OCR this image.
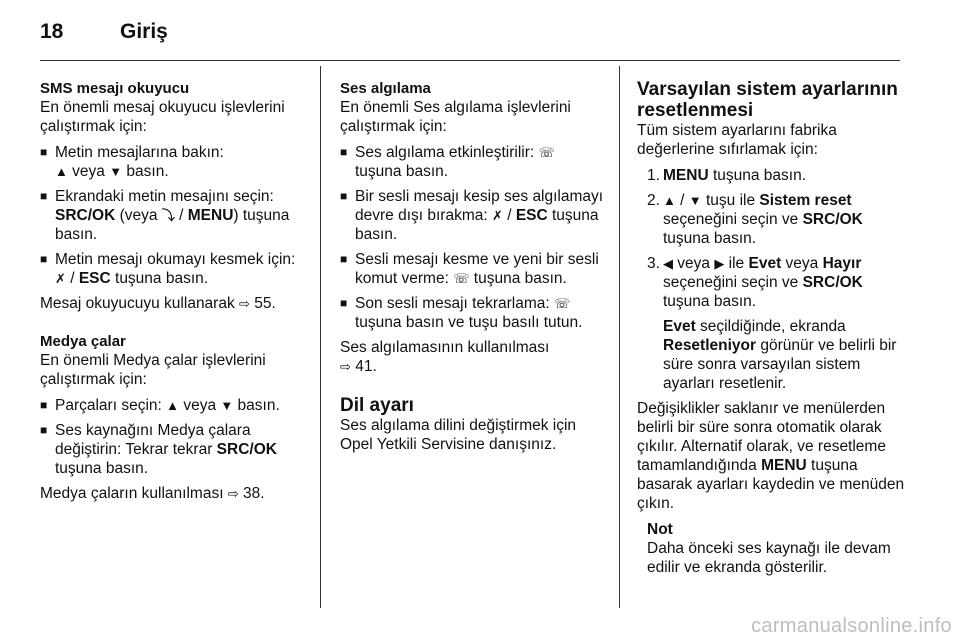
18	Giriş

SMS mesajı okuyucu

En önemli mesaj okuyucu işlevlerini çalıştırmak için:

■ Metin mesajlarına bakın:
▲ veya ▼ basın.
■ Ekrandaki metin mesajını seçin:
SRC/OK (veya ⤵ / MENU) tuşuna basın.
■ Metin mesajı okumayı kesmek için:
✗ / ESC tuşuna basın.

Mesaj okuyucuyu kullanarak ⇨ 55.

Medya çalar

En önemli Medya çalar işlevlerini çalıştırmak için:

■ Parçaları seçin: ▲ veya ▼ basın.
■ Ses kaynağını Medya çalara değiştirin: Tekrar tekrar SRC/OK tuşuna basın.

Medya çaların kullanılması ⇨ 38.

Ses algılama

En önemli Ses algılama işlevlerini çalıştırmak için:

■ Ses algılama etkinleştirilir: ☏
tuşuna basın.
■ Bir sesli mesajı kesip ses algılamayı devre dışı bırakma: ✗ / ESC tuşuna basın.
■ Sesli mesajı kesme ve yeni bir sesli komut verme: ☏ tuşuna basın.
■ Son sesli mesajı tekrarlama: ☏
tuşuna basın ve tuşu basılı tutun.

Ses algılamasının kullanılması
⇨ 41.

Dil ayarı

Ses algılama dilini değiştirmek için Opel Yetkili Servisine danışınız.

Varsayılan sistem ayarlarının resetlenmesi

Tüm sistem ayarlarını fabrika değerlerine sıfırlamak için:

1. MENU tuşuna basın.
2. ▲ / ▼ tuşu ile Sistem reset seçeneğini seçin ve SRC/OK tuşuna basın.
3. ◀ veya ▶ ile Evet veya Hayır seçeneğini seçin ve SRC/OK tuşuna basın.
Evet seçildiğinde, ekranda Resetleniyor görünür ve belirli bir süre sonra varsayılan sistem ayarları resetlenir.

Değişiklikler saklanır ve menülerden belirli bir süre sonra otomatik olarak çıkılır. Alternatif olarak, ve resetleme tamamlandığında MENU tuşuna basarak ayarları kaydedin ve menüden çıkın.

Not
Daha önceki ses kaynağı ile devam edilir ve ekranda gösterilir.
carmanualsonline.info
